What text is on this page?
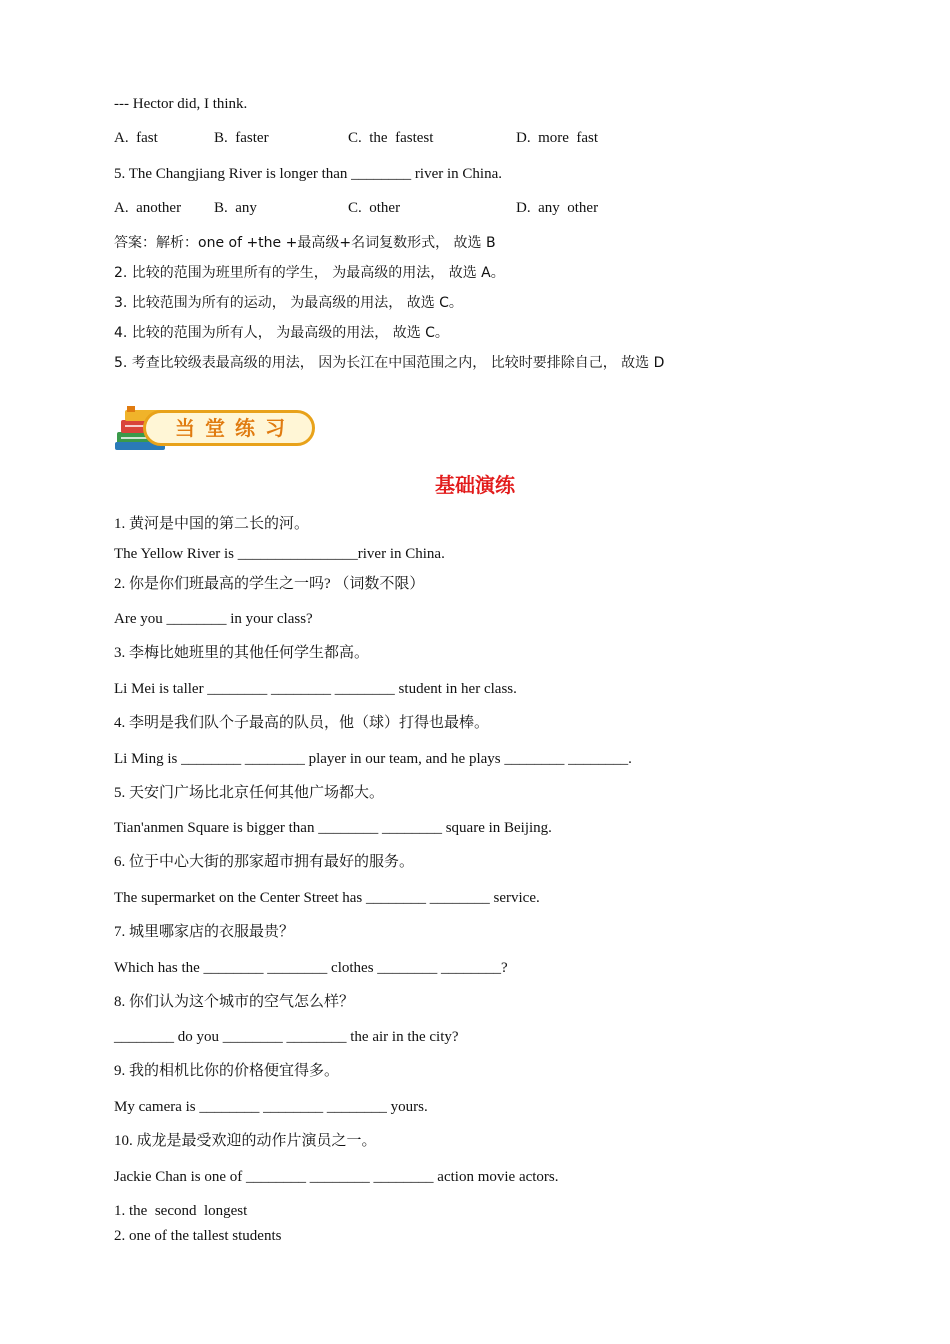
--- Hector did, I think.
A.  fast	B.  faster	C.  the  fastest	D.  more  fast
5. The Changjiang River is longer than ________ river in China.
A.  another B.  any	C.  other	D.  any  other
答案：解析：one of +the +最高级+名词复数形式， 故选 B
2. 比较的范围为班里所有的学生， 为最高级的用法， 故选 A。
3. 比较范围为所有的运动， 为最高级的用法， 故选 C。
4. 比较的范围为所有人， 为最高级的用法， 故选 C。
5. 考查比较级表最高级的用法， 因为长江在中国范围之内， 比较时要排除自己， 故选 D
当堂练习
基础演练
1. 黄河是中国的第二长的河。
The Yellow River is ________________river in China.
2. 你是你们班最高的学生之一吗? （词数不限）
Are you ________ in your class?
3. 李梅比她班里的其他任何学生都高。
Li Mei is taller ________ ________ ________ student in her class.
4. 李明是我们队个子最高的队员，他（球）打得也最棒。
Li Ming is ________ ________ player in our team, and he plays ________ ________.
5. 天安门广场比北京任何其他广场都大。
Tian'anmen Square is bigger than ________ ________ square in Beijing.
6. 位于中心大街的那家超市拥有最好的服务。
The supermarket on the Center Street has ________ ________ service.
7. 城里哪家店的衣服最贵？
Which has the ________ ________ clothes ________ ________?
8. 你们认为这个城市的空气怎么样？
________ do you ________ ________ the air in the city?
9. 我的相机比你的价格便宜得多。
My camera is ________ ________ ________ yours.
10. 成龙是最受欢迎的动作片演员之一。
Jackie Chan is one of ________ ________ ________ action movie actors.
1. the  second  longest
2. one of the tallest students
